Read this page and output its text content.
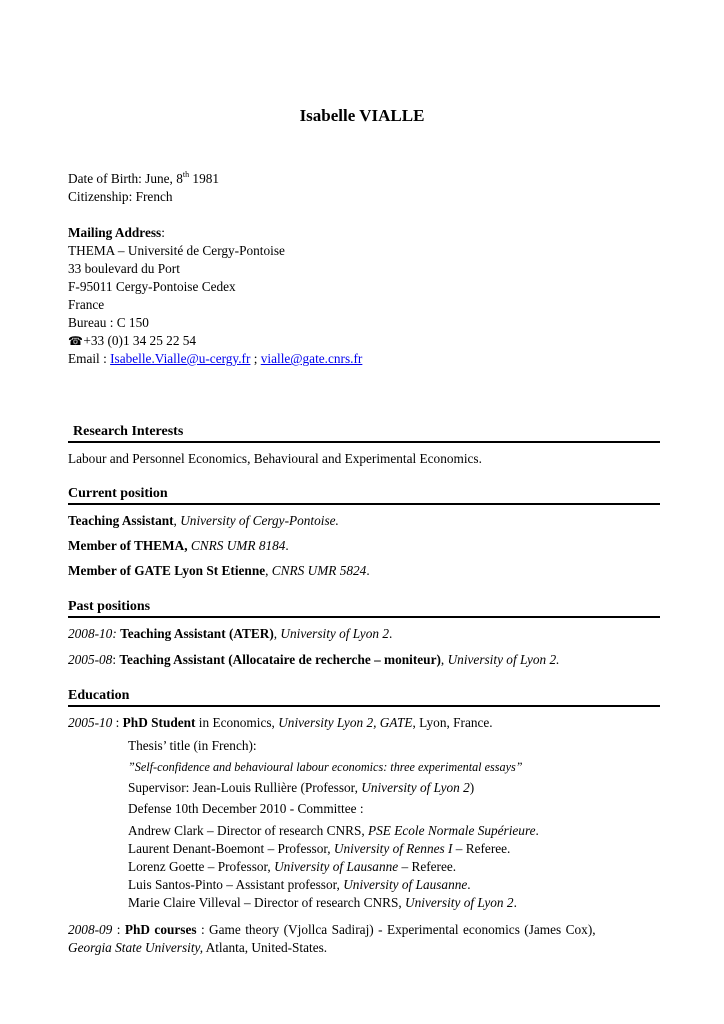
Isabelle VIALLE
Date of Birth: June, 8th 1981
Citizenship: French
Mailing Address:
THEMA – Université de Cergy-Pontoise
33 boulevard du Port
F-95011 Cergy-Pontoise Cedex
France
Bureau : C 150
☎ +33 (0)1 34 25 22 54
Email : Isabelle.Vialle@u-cergy.fr ; vialle@gate.cnrs.fr
Research Interests
Labour and Personnel Economics, Behavioural and Experimental Economics.
Current position
Teaching Assistant, University of Cergy-Pontoise.
Member of THEMA, CNRS UMR 8184.
Member of GATE Lyon St Etienne, CNRS UMR 5824.
Past positions
2008-10: Teaching Assistant (ATER), University of Lyon 2.
2005-08: Teaching Assistant (Allocataire de recherche – moniteur), University of Lyon 2.
Education
2005-10 : PhD Student in Economics, University Lyon 2, GATE, Lyon, France.
Thesis’ title (in French):
”Self-confidence and behavioural labour economics: three experimental essays”
Supervisor: Jean-Louis Rullière (Professor, University of Lyon 2)
Defense 10th December 2010 - Committee :
Andrew Clark – Director of research CNRS, PSE Ecole Normale Supérieure.
Laurent Denant-Boemont – Professor, University of Rennes I – Referee.
Lorenz Goette – Professor, University of Lausanne – Referee.
Luis Santos-Pinto – Assistant professor, University of Lausanne.
Marie Claire Villeval – Director of research CNRS, University of Lyon 2.
2008-09 : PhD courses : Game theory (Vjollca Sadiraj) - Experimental economics (James Cox), Georgia State University, Atlanta, United-States.
